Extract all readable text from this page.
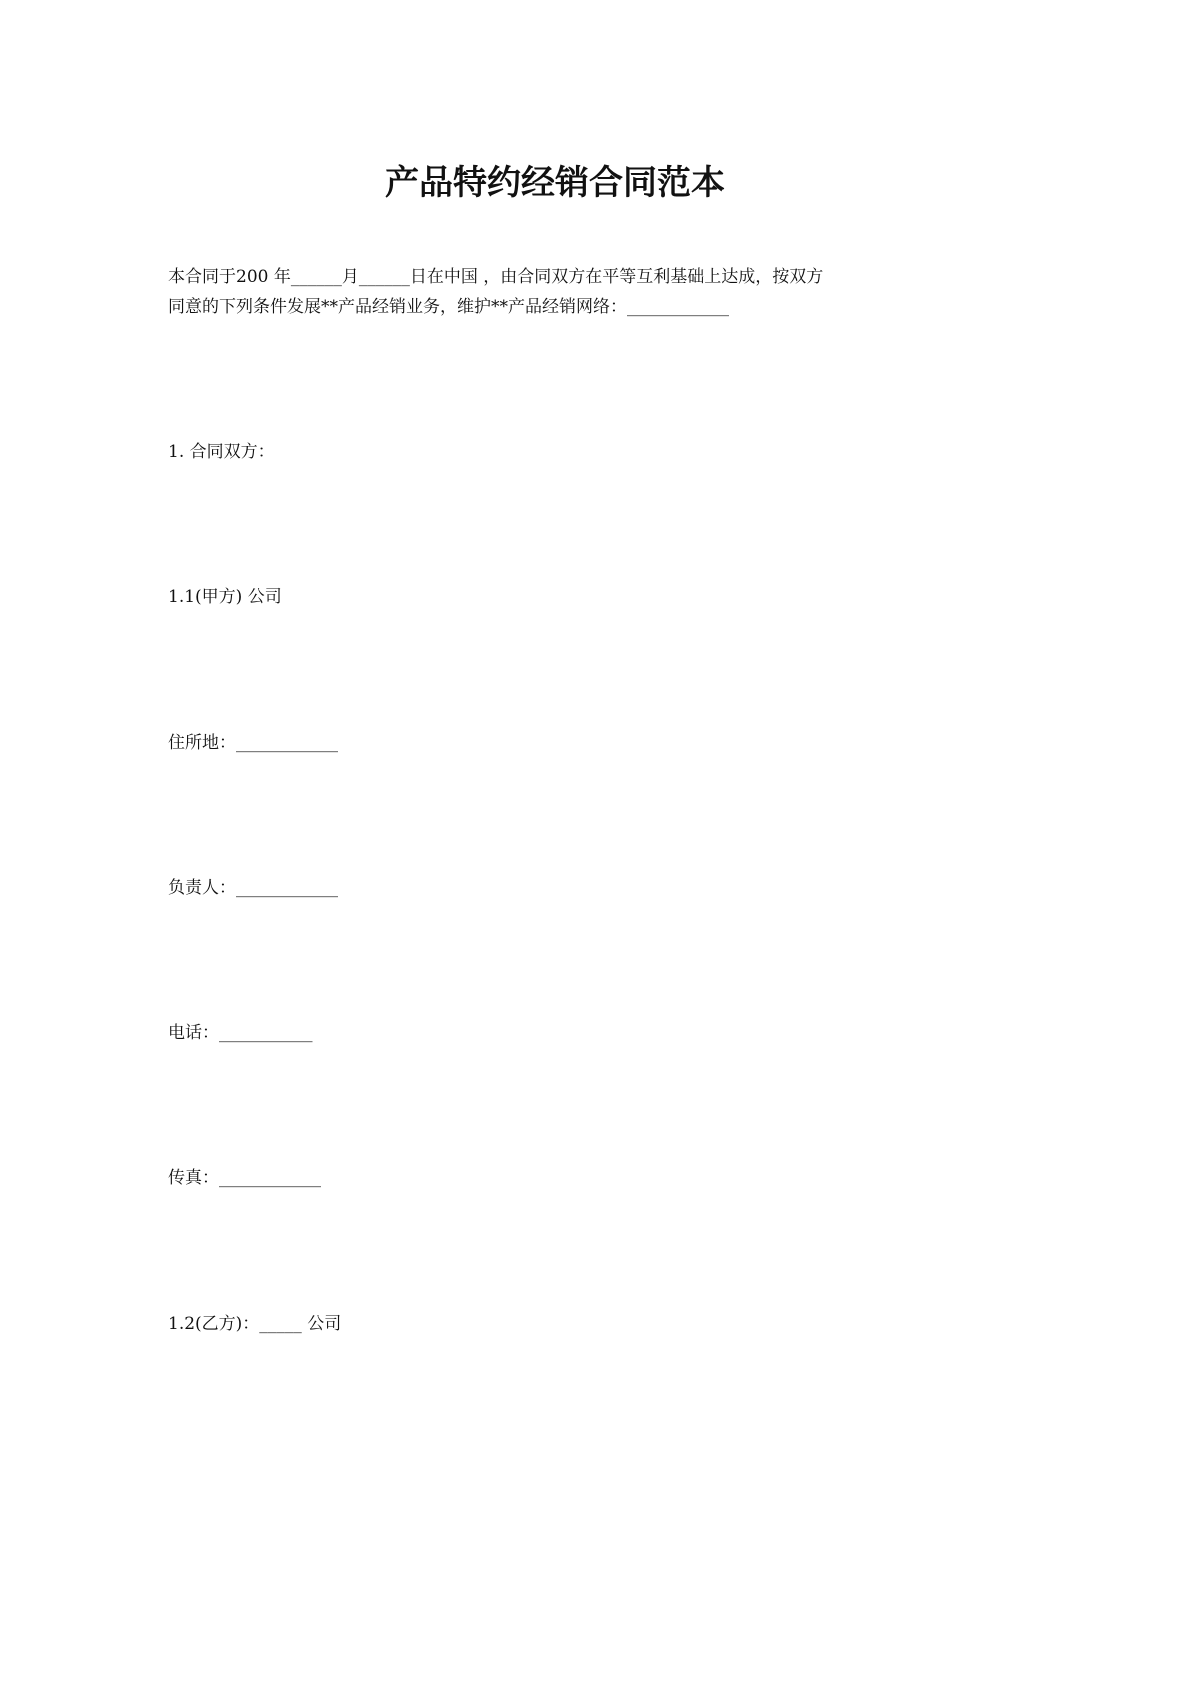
产品特约经销合同范本
本合同于200 年______月______日在中国 ，由合同双方在平等互利基础上达成，按双方
同意的下列条件发展**产品经销业务，维护**产品经销网络：____________
1. 合同双方：
1.1(甲方) 公司
住所地：____________
负责人：____________
电话：___________
传真：____________
1.2(乙方)：_____ 公司
